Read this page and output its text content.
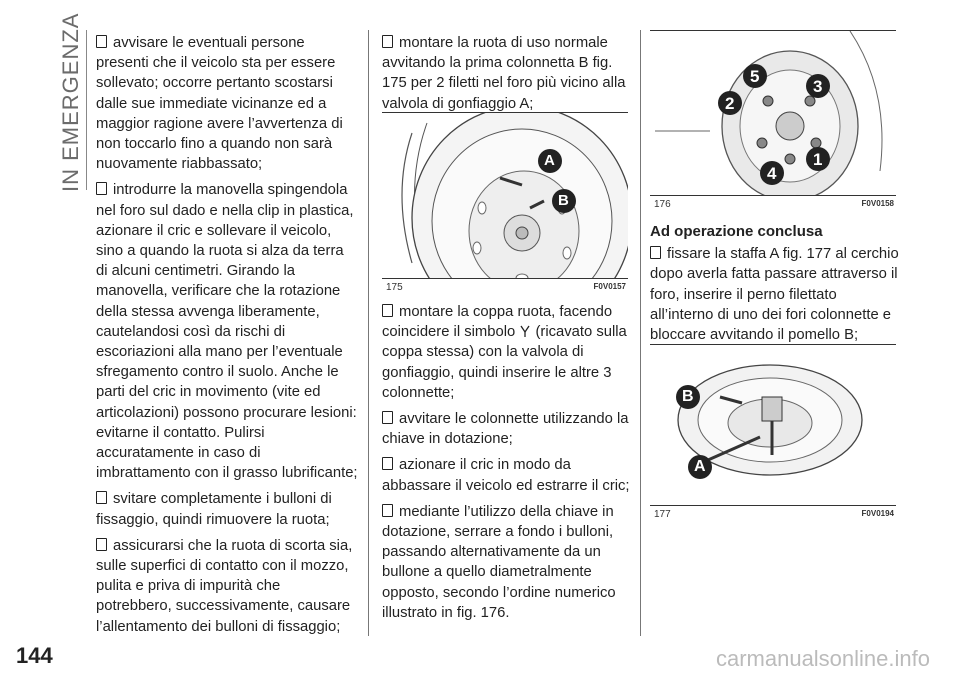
IN EMERGENZA	avvisare le eventuali persone presenti che il veicolo sta per essere sollevato; occorre pertanto scostarsi dalle sue immediate vicinanze ed a maggior ragione avere l’avvertenza di non toccarlo fino a quando non sarà nuovamente riabbassato;

introdurre la manovella spingendola nel foro sul dado e nella clip in plastica, azionare il cric e sollevare il veicolo, sino a quando la ruota si alza da terra di alcuni centimetri. Girando la manovella, verificare che la rotazione della stessa avvenga liberamente, cautelandosi così da rischi di escoriazioni alla mano per l’eventuale sfregamento contro il suolo. Anche le parti del cric in movimento (vite ed articolazioni) possono procurare lesioni: evitarne il contatto. Pulirsi accuratamente in caso di imbrattamento con il grasso lubrificante;

svitare completamente i bulloni di fissaggio, quindi rimuovere la ruota;

assicurarsi che la ruota di scorta sia, sulle superfici di contatto con il mozzo, pulita e priva di impurità che potrebbero, successivamente, causare l’allentamento dei bulloni di fissaggio;

A
B
175	F0V0157

montare la ruota di uso normale avvitando la prima colonnetta B fig. 175 per 2 filetti nel foro più vicino alla valvola di gonfiaggio A;

montare la coppa ruota, facendo coincidere il simbolo (ricavato sulla coppa stessa) con la valvola di gonfiaggio, quindi inserire le altre 3 colonnette;

avvitare le colonnette utilizzando la chiave in dotazione;

azionare il cric in modo da abbassare il veicolo ed estrarre il cric;

mediante l’utilizzo della chiave in dotazione, serrare a fondo i bulloni, passando alternativamente da un bullone a quello diametralmente opposto, secondo l’ordine numerico illustrato in fig. 176.

5
3
2
1
4
176	F0V0158
Ad operazione conclusa

fissare la staffa A fig. 177 al cerchio dopo averla fatta passare attraverso il foro, inserire il perno filettato all’interno di uno dei fori colonnette e bloccare avvitando il pomello B;

B
A
177	F0V0194
144	carmanualsonline.info
